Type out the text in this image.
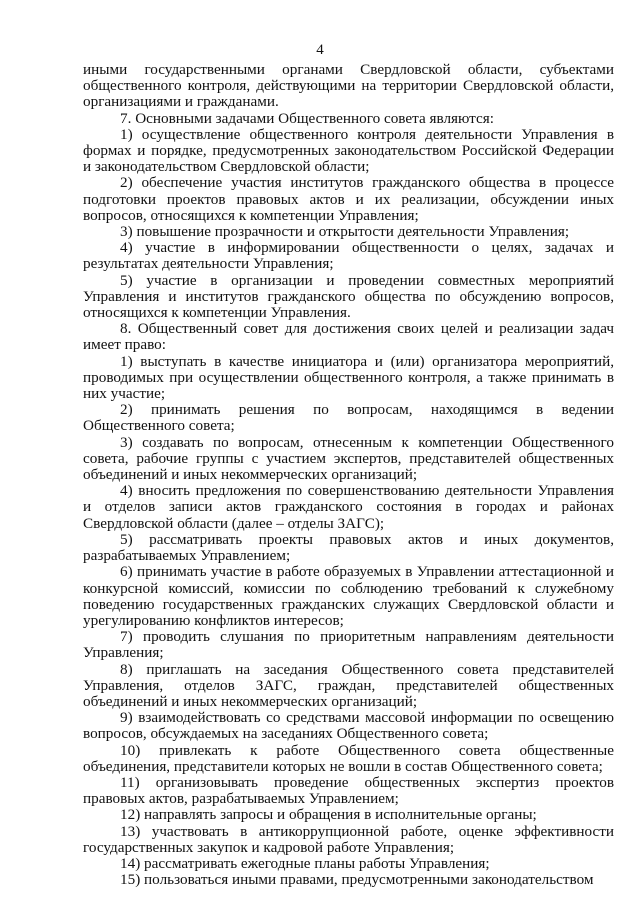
4

иными государственными органами Свердловской области, субъектами общественного контроля, действующими на территории Свердловской области, организациями и гражданами.

7. Основными задачами Общественного совета являются:

1) осуществление общественного контроля деятельности Управления в формах и порядке, предусмотренных законодательством Российской Федерации и законодательством Свердловской области;

2) обеспечение участия институтов гражданского общества в процессе подготовки проектов правовых актов и их реализации, обсуждении иных вопросов, относящихся к компетенции Управления;

3) повышение прозрачности и открытости деятельности Управления;

4) участие в информировании общественности о целях, задачах и результатах деятельности Управления;

5) участие в организации и проведении совместных мероприятий Управления и институтов гражданского общества по обсуждению вопросов, относящихся к компетенции Управления.

8. Общественный совет для достижения своих целей и реализации задач имеет право:

1) выступать в качестве инициатора и (или) организатора мероприятий, проводимых при осуществлении общественного контроля, а также принимать в них участие;

2) принимать решения по вопросам, находящимся в ведении Общественного совета;

3) создавать по вопросам, отнесенным к компетенции Общественного совета, рабочие группы с участием экспертов, представителей общественных объединений и иных некоммерческих организаций;

4) вносить предложения по совершенствованию деятельности Управления и отделов записи актов гражданского состояния в городах и районах Свердловской области (далее – отделы ЗАГС);

5) рассматривать проекты правовых актов и иных документов, разрабатываемых Управлением;

6) принимать участие в работе образуемых в Управлении аттестационной и конкурсной комиссий, комиссии по соблюдению требований к служебному поведению государственных гражданских служащих Свердловской области и урегулированию конфликтов интересов;

7) проводить слушания по приоритетным направлениям деятельности Управления;

8) приглашать на заседания Общественного совета представителей Управления, отделов ЗАГС, граждан, представителей общественных объединений и иных некоммерческих организаций;

9) взаимодействовать со средствами массовой информации по освещению вопросов, обсуждаемых на заседаниях Общественного совета;

10) привлекать к работе Общественного совета общественные объединения, представители которых не вошли в состав Общественного совета;

11) организовывать проведение общественных экспертиз проектов правовых актов, разрабатываемых Управлением;

12) направлять запросы и обращения в исполнительные органы;

13) участвовать в антикоррупционной работе, оценке эффективности государственных закупок и кадровой работе Управления;

14) рассматривать ежегодные планы работы Управления;

15) пользоваться иными правами, предусмотренными законодательством
